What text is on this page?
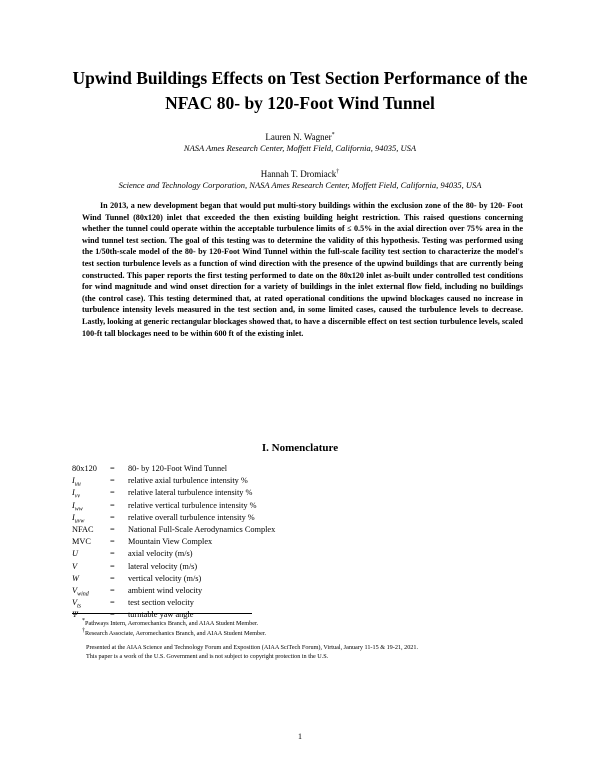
Upwind Buildings Effects on Test Section Performance of the
NFAC 80- by 120-Foot Wind Tunnel
Lauren N. Wagner*
NASA Ames Research Center, Moffett Field, California, 94035, USA
Hannah T. Dromiack†
Science and Technology Corporation, NASA Ames Research Center, Moffett Field, California, 94035, USA

In 2013, a new development began that would put multi-story buildings within the exclusion zone of the 80- by 120- Foot Wind Tunnel (80x120) inlet that exceeded the then existing building height restriction. This raised questions concerning whether the tunnel could operate within the acceptable turbulence limits of ≤ 0.5% in the axial direction over 75% area in the wind tunnel test section. The goal of this testing was to determine the validity of this hypothesis. Testing was performed using the 1/50th-scale model of the 80- by 120-Foot Wind Tunnel within the full-scale facility test section to characterize the model's test section turbulence levels as a function of wind direction with the presence of the upwind buildings that are currently being constructed. This paper reports the first testing performed to date on the 80x120 inlet as-built under controlled test conditions for wind magnitude and wind onset direction for a variety of buildings in the inlet external flow field, including no buildings (the control case). This testing determined that, at rated operational conditions the upwind blockages caused no increase in turbulence intensity levels measured in the test section and, in some limited cases, caused the turbulence levels to decrease. Lastly, looking at generic rectangular blockages showed that, to have a discernible effect on test section turbulence levels, scaled 100-ft tall blockages need to be within 600 ft of the existing inlet.

I. Nomenclature
80x120 = 80- by 120-Foot Wind Tunnel
$I_{uu}$	= relative axial turbulence intensity %
$I_{vv}$	= relative lateral turbulence intensity %
$I_{ww}$	= relative vertical turbulence intensity %
$I_{uvw}$	= relative overall turbulence intensity %
NFAC = National Full-Scale Aerodynamics Complex
MVC = Mountain View Complex
U	= axial velocity (m/s)
V	= lateral velocity (m/s)
W	= vertical velocity (m/s)
$V_{wind}$	= ambient wind velocity
$V_{ts}$	= test section velocity
Ψ	= turntable yaw angle
*Pathways Intern, Aeromechanics Branch, and AIAA Student Member.
†Research Associate, Aeromechanics Branch, and AIAA Student Member.
Presented at the AIAA Science and Technology Forum and Exposition (AIAA SciTech Forum), Virtual, January 11-15 & 19-21, 2021.
This paper is a work of the U.S. Government and is not subject to copyright protection in the U.S.
1
